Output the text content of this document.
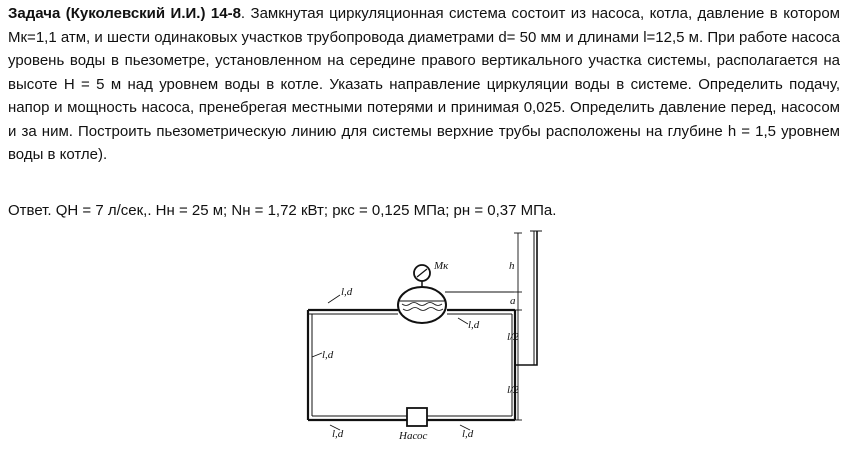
Задача (Куколевский И.И.) 14-8. Замкнутая циркуляционная система состоит из насоса, котла, давление в котором Мк=1,1 атм, и шести одинаковых участков трубопровода диаметрами d= 50 мм и длинами l=12,5 м. При работе насоса уровень воды в пьезометре, установленном на середине правого вертикального участка системы, располагается на высоте Н = 5 м над уровнем воды в котле. Указать направление циркуляции воды в системе. Определить подачу, напор и мощность насоса, пренебрегая местными потерями и принимая 0,025. Определить давление перед, насосом и за ним. Построить пьезометрическую линию для системы верхние трубы расположены на глубине h = 1,5 уровнем воды в котле).
Ответ. QH = 7 л/сек,. Hн = 25 м; Nн = 1,72 кВт; pкс = 0,125 МПа; pн = 0,37 МПа.
Mк
Насос
h
a
l/2
l/2
l,d
l,d
l,d
l,d	l,d
